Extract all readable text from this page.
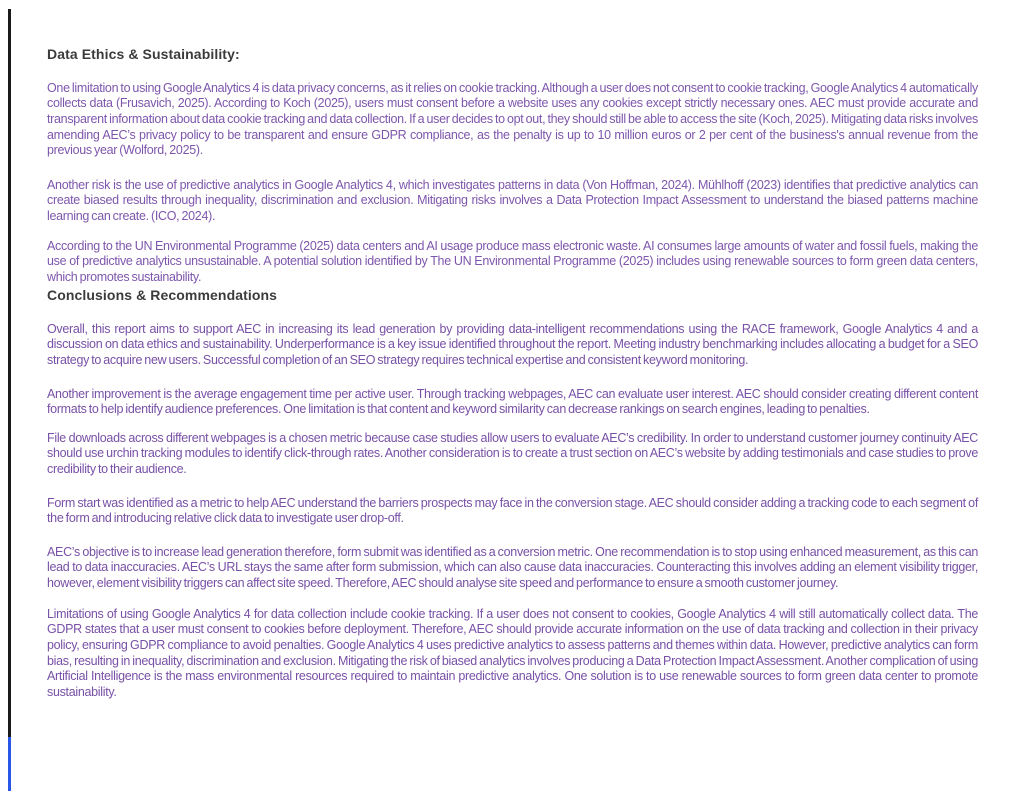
Data Ethics & Sustainability:

One limitation to using Google Analytics 4 is data privacy concerns, as it relies on cookie tracking. Although a user does not consent to cookie tracking, Google Analytics 4 automatically collects data (Frusavich, 2025). According to Koch (2025), users must consent before a website uses any cookies except strictly necessary ones. AEC must provide accurate and transparent information about data cookie tracking and data collection. If a user decides to opt out, they should still be able to access the site (Koch, 2025). Mitigating data risks involves amending AEC’s privacy policy to be transparent and ensure GDPR compliance, as the penalty is up to 10 million euros or 2 per cent of the business's annual revenue from the previous year (Wolford, 2025).

Another risk is the use of predictive analytics in Google Analytics 4, which investigates patterns in data (Von Hoffman, 2024). Mühlhoff (2023) identifies that predictive analytics can create biased results through inequality, discrimination and exclusion. Mitigating risks involves a Data Protection Impact Assessment to understand the biased patterns machine learning can create. (ICO, 2024).

According to the UN Environmental Programme (2025) data centers and AI usage produce mass electronic waste. AI consumes large amounts of water and fossil fuels, making the use of predictive analytics unsustainable. A potential solution identified by The UN Environmental Programme (2025) includes using renewable sources to form green data centers, which promotes sustainability.

Conclusions & Recommendations

Overall, this report aims to support AEC in increasing its lead generation by providing data-intelligent recommendations using the RACE framework, Google Analytics 4 and a discussion on data ethics and sustainability. Underperformance is a key issue identified throughout the report. Meeting industry benchmarking includes allocating a budget for a SEO strategy to acquire new users. Successful completion of an SEO strategy requires technical expertise and consistent keyword monitoring.

Another improvement is the average engagement time per active user. Through tracking webpages, AEC can evaluate user interest. AEC should consider creating different content formats to help identify audience preferences. One limitation is that content and keyword similarity can decrease rankings on search engines, leading to penalties.

File downloads across different webpages is a chosen metric because case studies allow users to evaluate AEC’s credibility. In order to understand customer journey continuity AEC should use urchin tracking modules to identify click-through rates. Another consideration is to create a trust section on AEC’s website by adding testimonials and case studies to prove credibility to their audience.

Form start was identified as a metric to help AEC understand the barriers prospects may face in the conversion stage. AEC should consider adding a tracking code to each segment of the form and introducing relative click data to investigate user drop-off.

AEC’s objective is to increase lead generation therefore, form submit was identified as a conversion metric. One recommendation is to stop using enhanced measurement, as this can lead to data inaccuracies. AEC’s URL stays the same after form submission, which can also cause data inaccuracies. Counteracting this involves adding an element visibility trigger, however, element visibility triggers can affect site speed. Therefore, AEC should analyse site speed and performance to ensure a smooth customer journey.

Limitations of using Google Analytics 4 for data collection include cookie tracking. If a user does not consent to cookies, Google Analytics 4 will still automatically collect data. The GDPR states that a user must consent to cookies before deployment. Therefore, AEC should provide accurate information on the use of data tracking and collection in their privacy policy, ensuring GDPR compliance to avoid penalties. Google Analytics 4 uses predictive analytics to assess patterns and themes within data. However, predictive analytics can form bias, resulting in inequality, discrimination and exclusion. Mitigating the risk of biased analytics involves producing a Data Protection Impact Assessment. Another complication of using Artificial Intelligence is the mass environmental resources required to maintain predictive analytics. One solution is to use renewable sources to form green data center to promote sustainability.
